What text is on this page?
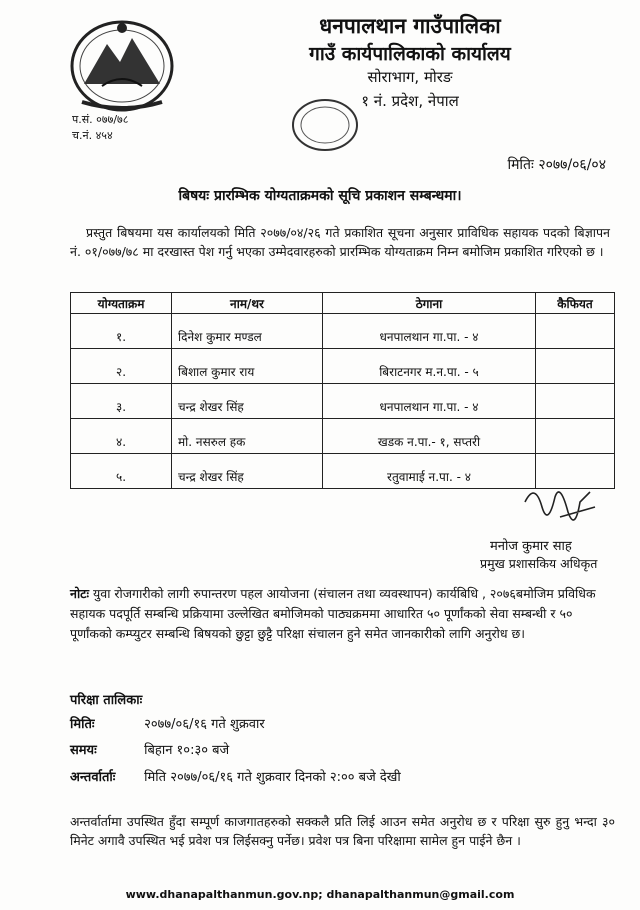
धनपालथान गाउँपालिका
गाउँ कार्यपालिकाको कार्यालय
सोराभाग, मोरङ
१ नं. प्रदेश, नेपाल
प.सं. ०७७/७८
च.नं. ४५४
मितिः २०७७/०६/०४
बिषयः प्रारम्भिक योग्यताक्रमको सूचि प्रकाशन सम्बन्धमा।
प्रस्तुत बिषयमा यस कार्यालयको मिति २०७७/०४/२६ गते प्रकाशित सूचना अनुसार प्राविधिक सहायक पदको बिज्ञापन नं. ०१/०७७/७८ मा दरखास्त पेश गर्नु भएका उम्मेदवारहरुको प्रारम्भिक योग्यताक्रम निम्न बमोजिम प्रकाशित गरिएको छ ।
योग्यताक्रम	नाम/थर	ठेगाना	कैफियत
१.	दिनेश कुमार मण्डल	धनपालथान गा.पा. - ४	
२.	बिशाल कुमार राय	बिराटनगर म.न.पा. - ५	
३.	चन्द्र शेखर सिंह	धनपालथान गा.पा. - ४	
४.	मो. नसरुल हक	खडक न.पा.- १, सप्तरी	
५.	चन्द्र शेखर सिंह	रतुवामाई न.पा. - ४	
मनोज कुमार साह
प्रमुख प्रशासकिय अधिकृत
नोटः युवा रोजगारीको लागी रुपान्तरण पहल आयोजना (संचालन तथा व्यवस्थापन) कार्यबिधि , २०७६बमोजिम प्रविधिक सहायक पदपूर्ति सम्बन्धि प्रक्रियामा उल्लेखित बमोजिमको पाठ्यक्रममा आधारित ५० पूर्णांकको सेवा सम्बन्धी र ५० पूर्णांकको कम्प्युटर सम्बन्धि बिषयको छुट्टा छुट्टै परिक्षा संचालन हुने समेत जानकारीको लागि अनुरोध छ।
परिक्षा तालिकाः
मितिः	२०७७/०६/१६ गते शुक्रवार
समयः	बिहान १०:३० बजे
अन्तर्वार्ताः मिति २०७७/०६/१६ गते शुक्रवार दिनको २:०० बजे देखी
अन्तर्वार्तामा उपस्थित हुँदा सम्पूर्ण काजगातहरुको सक्कलै प्रति लिई आउन समेत अनुरोध छ र परिक्षा सुरु हुनु भन्दा ३० मिनेट अगावै उपस्थित भई प्रवेश पत्र लिईसक्नु पर्नेछ। प्रवेश पत्र बिना परिक्षामा सामेल हुन पाईने छैन ।
www.dhanapalthanmun.gov.np; dhanapalthanmun@gmail.com
